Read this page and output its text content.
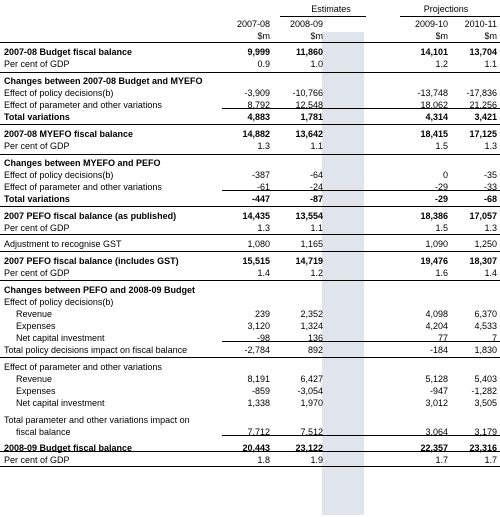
Estimates	Projections
2007-08	2008-09	2009-10	2010-11
$m	$m	$m	$m
2007-08 Budget fiscal balance	9,999	11,860	14,101	13,704
Per cent of GDP	0.9	1.0	1.2	1.1
Changes between 2007-08 Budget and MYEFO
Effect of policy decisions(b)	-3,909	-10,766	-13,748	-17,836
Effect of parameter and other variations	8,792	12,548	18,062	21,256
Total variations	4,883	1,781	4,314	3,421
2007-08 MYEFO fiscal balance	14,882	13,642	18,415	17,125
Per cent of GDP	1.3	1.1	1.5	1.3
Changes between MYEFO and PEFO
Effect of policy decisions(b)	-387	-64	0	-35
Effect of parameter and other variations	-61	-24	-29	-33
Total variations	-447	-87	-29	-68
2007 PEFO fiscal balance (as published)	14,435	13,554	18,386	17,057
Per cent of GDP	1.3	1.1	1.5	1.3
Adjustment to recognise GST	1,080	1,165	1,090	1,250
2007 PEFO fiscal balance (includes GST)	15,515	14,719	19,476	18,307
Per cent of GDP	1.4	1.2	1.6	1.4
Changes between PEFO and 2008-09 Budget
Effect of policy decisions(b)
Revenue	239	2,352	4,098	6,370
Expenses	3,120	1,324	4,204	4,533
Net capital investment	-98	136	77	7
Total policy decisions impact on fiscal balance	-2,784	892	-184	1,830
Effect of parameter and other variations
Revenue	8,191	6,427	5,128	5,403
Expenses	-859	-3,054	-947	-1,282
Net capital investment	1,338	1,970	3,012	3,505
Total parameter and other variations impact on
fiscal balance	7,712	7,512	3,064	3,179
2008-09 Budget fiscal balance	20,443	23,122	22,357	23,316
Per cent of GDP	1.8	1.9	1.7	1.7
